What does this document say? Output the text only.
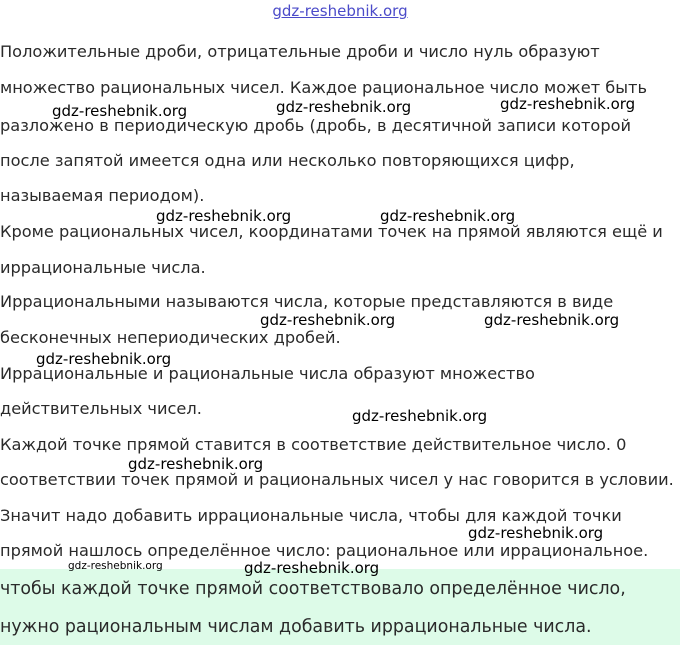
gdz-reshebnik.org
Положительные дроби, отрицательные дроби и число нуль образуют
множество рациональных чисел. Каждое рациональное число может быть
разложено в периодическую дробь (дробь, в десятичной записи которой
после запятой имеется одна или несколько повторяющихся цифр,
называемая периодом).
Кроме рациональных чисел, координатами точек на прямой являются ещё и
иррациональные числа.
Иррациональными называются числа, которые представляются в виде
бесконечных непериодических дробей.
Иррациональные и рациональные числа образуют множество
действительных чисел.
Каждой точке прямой ставится в соответствие действительное число. 0
соответствии точек прямой и рациональных чисел у нас говорится в условии.
Значит надо добавить иррациональные числа, чтобы для каждой точки
прямой нашлось определённое число: рациональное или иррациональное.
чтобы каждой точке прямой соответствовало определённое число,
нужно рациональным числам добавить иррациональные числа.
gdz-reshebnik.org	gdz-reshebnik.org	gdz-reshebnik.org
gdz-reshebnik.org	gdz-reshebnik.org
gdz-reshebnik.org	gdz-reshebnik.org
gdz-reshebnik.org
gdz-reshebnik.org
gdz-reshebnik.org
gdz-reshebnik.org
gdz-reshebnik.org	gdz-reshebnik.org
